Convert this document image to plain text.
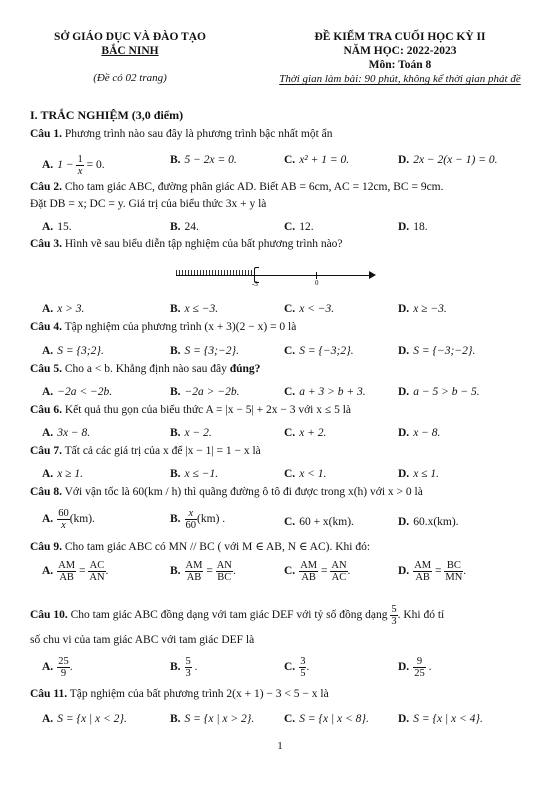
SỞ GIÁO DỤC VÀ ĐÀO TẠO
BẮC NINH
(Đề có 02 trang)
ĐỀ KIỂM TRA CUỐI HỌC KỲ II
NĂM HỌC: 2022-2023
Môn: Toán 8
Thời gian làm bài: 90 phút, không kể thời gian phát đề
I. TRẮC NGHIỆM (3,0 điểm)
Câu 1. Phương trình nào sau đây là phương trình bậc nhất một ẩn
A. $1 - \frac{1}{x} = 0$.	B. 5 − 2x = 0.	C. x² + 1 = 0.	D. 2x − 2(x − 1) = 0.
Câu 2. Cho tam giác ABC, đường phân giác AD. Biết AB = 6cm, AC = 12cm, BC = 9cm.
Đặt DB = x; DC = y. Giá trị của biểu thức 3x + y là
A. 15.	B. 24.	C. 12.	D. 18.
Câu 3. Hình vẽ sau biểu diễn tập nghiệm của bất phương trình nào?
-3	0
A. x > 3.	B. x ≤ −3.	C. x < −3.	D. x ≥ −3.
Câu 4. Tập nghiệm của phương trình (x + 3)(2 − x) = 0 là
A. S = {3;2}.	B. S = {3;−2}.	C. S = {−3;2}.	D. S = {−3;−2}.
Câu 5. Cho a < b. Khẳng định nào sau đây đúng?
A. −2a < −2b.	B. −2a > −2b.	C. a + 3 > b + 3.	D. a − 5 > b − 5.
Câu 6. Kết quả thu gọn của biểu thức A = |x − 5| + 2x − 3 với x ≤ 5 là
A. 3x − 8.	B. x − 2.	C. x + 2.	D. x − 8.
Câu 7. Tất cả các giá trị của x để |x − 1| = 1 − x là
A. x ≥ 1.	B. x ≤ −1.	C. x < 1.	D. x ≤ 1.
Câu 8. Với vận tốc là 60(km / h) thì quãng đường ô tô đi được trong x(h) với x > 0 là
A. $\frac{60}{x} (km)$.	B. $\frac{x}{60} (km)$ .	C. 60 + x(km).	D. 60.x(km).
Câu 9. Cho tam giác ABC có MN // BC ( với M ∈ AB, N ∈ AC). Khi đó:
A. $\frac{AM}{AB} = \frac{AC}{AN}$ .	B. $\frac{AM}{AB} = \frac{AN}{BC}$ .	C. $\frac{AM}{AB} = \frac{AN}{AC}$ .	D. $\frac{AM}{AB} = \frac{BC}{MN}$ .
Câu 10. Cho tam giác ABC đồng dạng với tam giác DEF với tỷ số đồng dạng $\frac{5}{3}$ . Khi đó tỉ
số chu vi của tam giác ABC với tam giác DEF là
A. $\frac{25}{9}$ .	B. $\frac{5}{3}$ .	C. $\frac{3}{5}$ .	D. $\frac{9}{25}$ .
Câu 11. Tập nghiệm của bất phương trình 2(x + 1) − 3 < 5 − x là
A. S = {x | x < 2}.	B. S = {x | x > 2}.	C. S = {x | x < 8}.	D. S = {x | x < 4}.
1
